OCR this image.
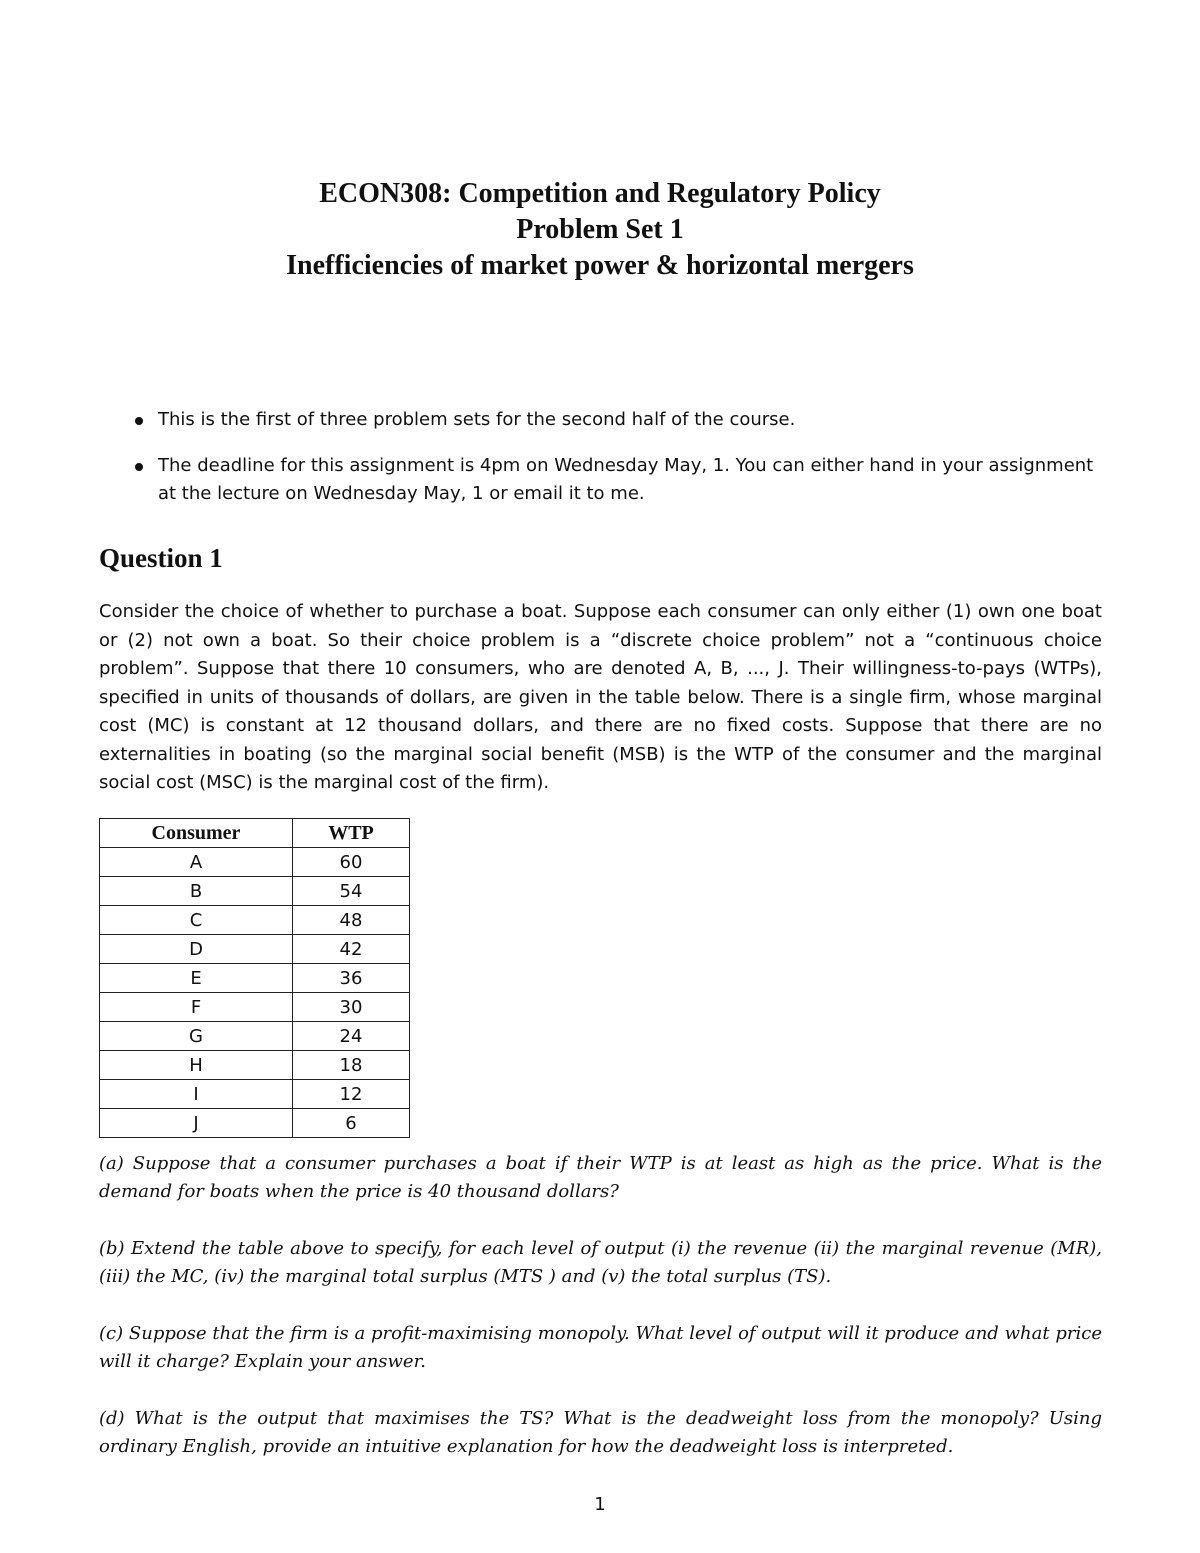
ECON308: Competition and Regulatory Policy
Problem Set 1
Inefficiencies of market power & horizontal mergers
This is the first of three problem sets for the second half of the course.
The deadline for this assignment is 4pm on Wednesday May, 1. You can either hand in your assignment at the lecture on Wednesday May, 1 or email it to me.
Question 1

Consider the choice of whether to purchase a boat. Suppose each consumer can only either (1) own one boat or (2) not own a boat. So their choice problem is a “discrete choice problem” not a “continuous choice problem”. Suppose that there 10 consumers, who are denoted A, B, ..., J. Their willingness-to-pays (WTPs), specified in units of thousands of dollars, are given in the table below. There is a single firm, whose marginal cost (MC) is constant at 12 thousand dollars, and there are no fixed costs. Suppose that there are no externalities in boating (so the marginal social benefit (MSB) is the WTP of the consumer and the marginal social cost (MSC) is the marginal cost of the firm).

Consumer	WTP
A	60
B	54
C	48
D	42
E	36
F	30
G	24
H	18
I	12
J	6

(a) Suppose that a consumer purchases a boat if their WTP is at least as high as the price. What is the demand for boats when the price is 40 thousand dollars?

(b) Extend the table above to specify, for each level of output (i) the revenue (ii) the marginal revenue (MR), (iii) the MC, (iv) the marginal total surplus (MTS ) and (v) the total surplus (TS).

(c) Suppose that the firm is a profit-maximising monopoly. What level of output will it produce and what price will it charge? Explain your answer.

(d) What is the output that maximises the TS? What is the deadweight loss from the monopoly? Using ordinary English, provide an intuitive explanation for how the deadweight loss is interpreted.

1
